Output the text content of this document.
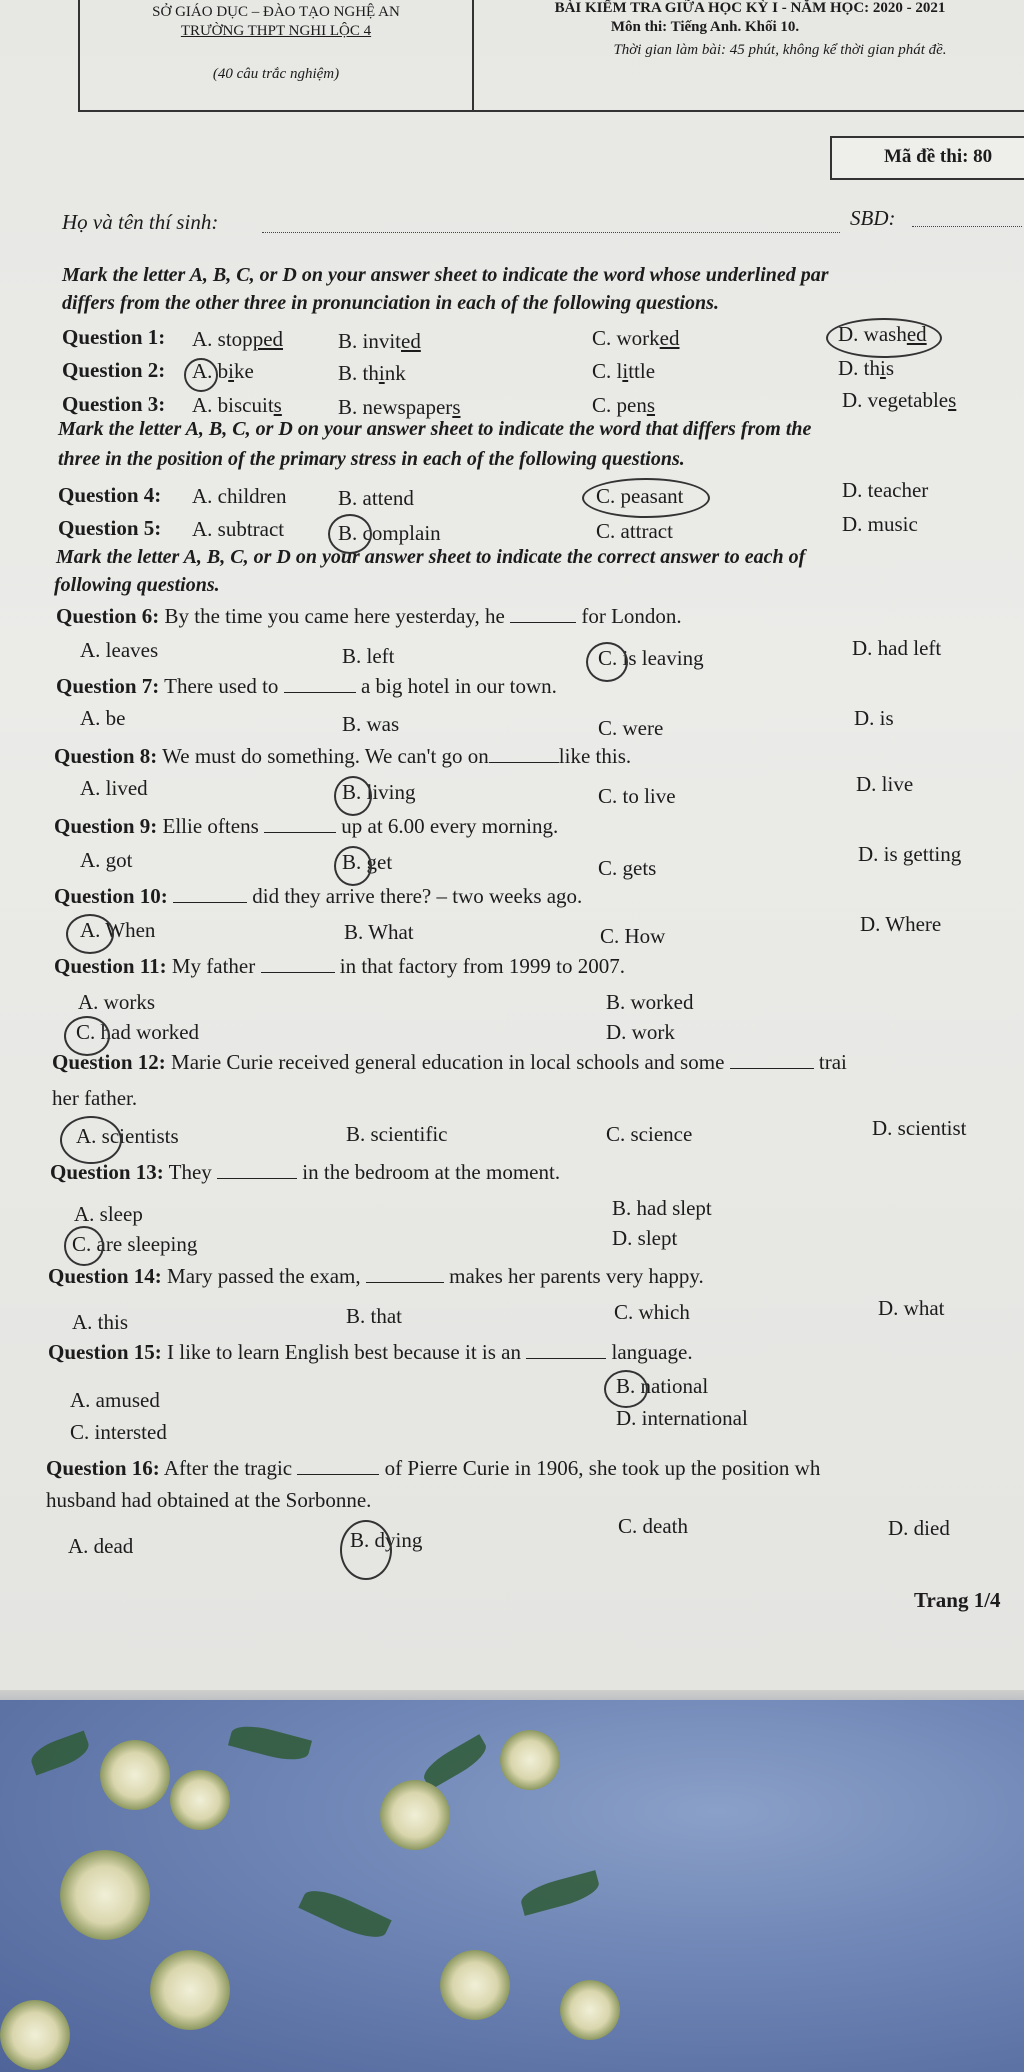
SỞ GIÁO DỤC – ĐÀO TẠO NGHỆ AN
TRƯỜNG THPT NGHI LỘC 4
(40 câu trắc nghiệm)
BÀI KIỂM TRA GIỮA HỌC KỲ I - NĂM HỌC: 2020 - 2021
Môn thi: Tiếng Anh. Khối 10.
Thời gian làm bài: 45 phút, không kể thời gian phát đề.
Mã đề thi: 80
Họ và tên thí sinh:	SBD:
Mark the letter A, B, C, or D on your answer sheet to indicate the word whose underlined par
differs from the other three in pronunciation in each of the following questions.
Question 1: A. stopped	B. invited	C. worked	D. washed
Question 2: A. bike	B. think	C. little	D. this
Question 3: A. biscuits	B. newspapers	C. pens	D. vegetables
Mark the letter A, B, C, or D on your answer sheet to indicate the word that differs from the
three in the position of the primary stress in each of the following questions.
Question 4: A. children B. attend	C. peasant	D. teacher
Question 5: A. subtract	B. complain	C. attract	D. music
Mark the letter A, B, C, or D on your answer sheet to indicate the correct answer to each of
following questions.
Question 6: By the time you came here yesterday, he	for London.
A. leaves	B. left	C. is leaving	D. had left
Question 7: There used to	a big hotel in our town.
A. be	B. was	C. were	D. is
Question 8: We must do something. We can't go on	like this.
A. lived	B. living	C. to live	D. live
Question 9: Ellie oftens	up at 6.00 every morning.
A. got	B. get	C. gets
D. is getting
Question 10:	did they arrive there? – two weeks ago.
A. When	B. What	C. How	D. Where
Question 11: My father	in that factory from 1999 to 2007.
A. works	B. worked
C. had worked	D. work
Question 12: Marie Curie received general education in local schools and some	trai
her father.
A. scientists	B. scientific	C. science	D. scientist
Question 13: They	in the bedroom at the moment.
A. sleep	B. had slept
C. are sleeping	D. slept
Question 14: Mary passed the exam,	makes her parents very happy.
A. this	B. that	C. which	D. what
Question 15: I like to learn English best because it is an	language.
A. amused
B. national
C. intersted
D. international
Question 16: After the tragic	of Pierre Curie in 1906, she took up the position wh
husband had obtained at the Sorbonne.
A. dead	B. dying
C. death	D. died
Trang 1/4
